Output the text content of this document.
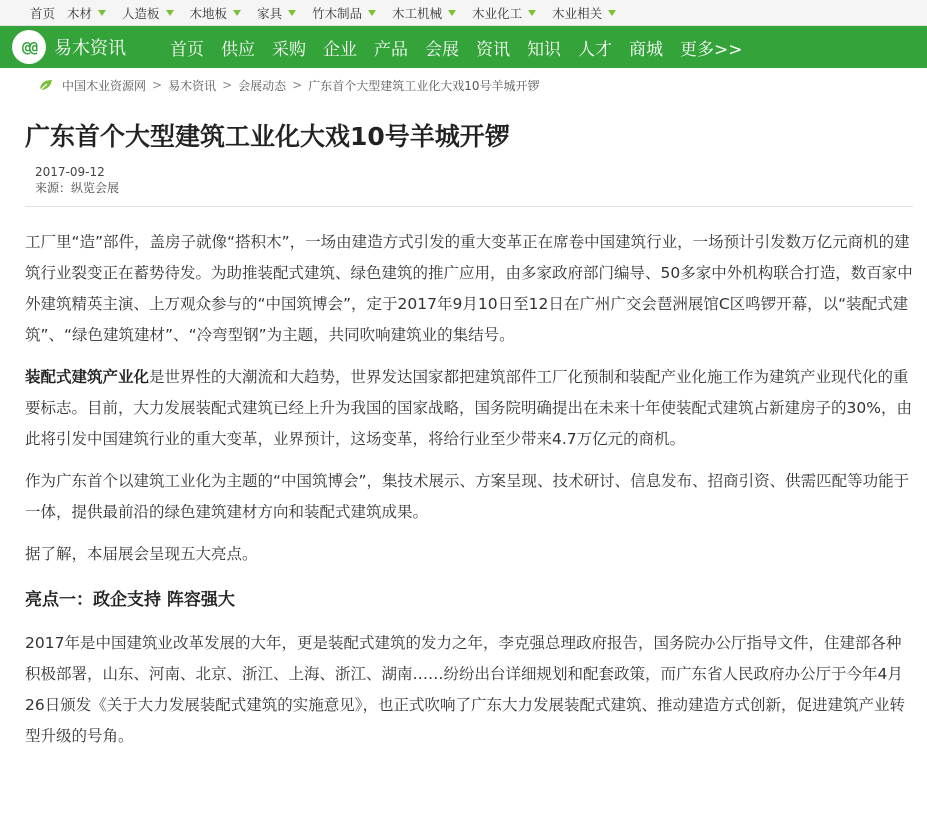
首页 木材 人造板 木地板 家具 竹木制品 木工机械 木业化工 木业相关
@@ 易木资讯	首页 供应 采购 企业 产品 会展 资讯 知识 人才 商城 更多>>
中国木业资源网 > 易木资讯 > 会展动态 > 广东首个大型建筑工业化大戏10号羊城开锣
广东首个大型建筑工业化大戏10号羊城开锣
2017-09-12
来源：纵览会展

工厂里“造”部件，盖房子就像“搭积木”，一场由建造方式引发的重大变革正在席卷中国建筑行业，一场预计引发数万亿元商机的建筑行业裂变正在蓄势待发。为助推装配式建筑、绿色建筑的推广应用，由多家政府部门编导、50多家中外机构联合打造，数百家中外建筑精英主演、上万观众参与的“中国筑博会”，定于2017年9月10日至12日在广州广交会琶洲展馆C区鸣锣开幕，以“装配式建筑”、“绿色建筑建材”、“冷弯型钢”为主题，共同吹响建筑业的集结号。

装配式建筑产业化是世界性的大潮流和大趋势，世界发达国家都把建筑部件工厂化预制和装配产业化施工作为建筑产业现代化的重要标志。目前，大力发展装配式建筑已经上升为我国的国家战略，国务院明确提出在未来十年使装配式建筑占新建房子的30%，由此将引发中国建筑行业的重大变革，业界预计，这场变革，将给行业至少带来4.7万亿元的商机。

作为广东首个以建筑工业化为主题的“中国筑博会”，集技术展示、方案呈现、技术研讨、信息发布、招商引资、供需匹配等功能于一体，提供最前沿的绿色建筑建材方向和装配式建筑成果。

据了解，本届展会呈现五大亮点。

亮点一：政企支持 阵容强大

2017年是中国建筑业改革发展的大年，更是装配式建筑的发力之年，李克强总理政府报告，国务院办公厅指导文件，住建部各种积极部署，山东、河南、北京、浙江、上海、浙江、湖南……纷纷出台详细规划和配套政策，而广东省人民政府办公厅于今年4月26日颁发《关于大力发展装配式建筑的实施意见》，也正式吹响了广东大力发展装配式建筑、推动建造方式创新，促进建筑产业转型升级的号角。
